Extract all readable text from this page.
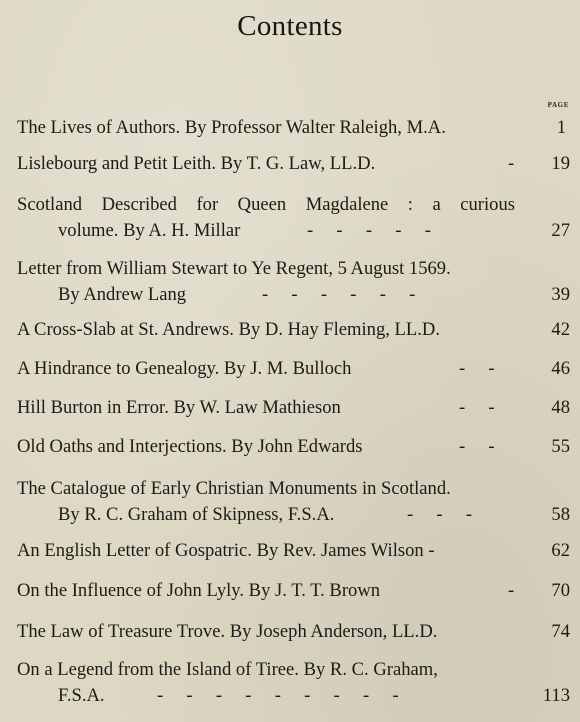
Contents
PAGE
The Lives of Authors. By Professor Walter Raleigh, M.A.	1
Lislebourg and Petit Leith. By T. G. Law, LL.D.	- 19
Scotland Described for Queen Magdalene : a curious
volume. By A. H. Millar	-     -     -     -     -	27
Letter from William Stewart to Ye Regent, 5 August 1569.
By Andrew Lang	-     -     -     -     -     -	39
A Cross-Slab at St. Andrews. By D. Hay Fleming, LL.D.	42
A Hindrance to Genealogy. By J. M. Bulloch	-     -	46
Hill Burton in Error. By W. Law Mathieson	-     -	48
Old Oaths and Interjections. By John Edwards	-     -	55
The Catalogue of Early Christian Monuments in Scotland.
By R. C. Graham of Skipness, F.S.A.	-     -     -	58
An English Letter of Gospatric. By Rev. James Wilson -	62
On the Influence of John Lyly. By J. T. T. Brown	- 70
The Law of Treasure Trove. By Joseph Anderson, LL.D.	74
On a Legend from the Island of Tiree. By R. C. Graham,
F.S.A.	-     -     -     -     -     -     -     -     -	113
